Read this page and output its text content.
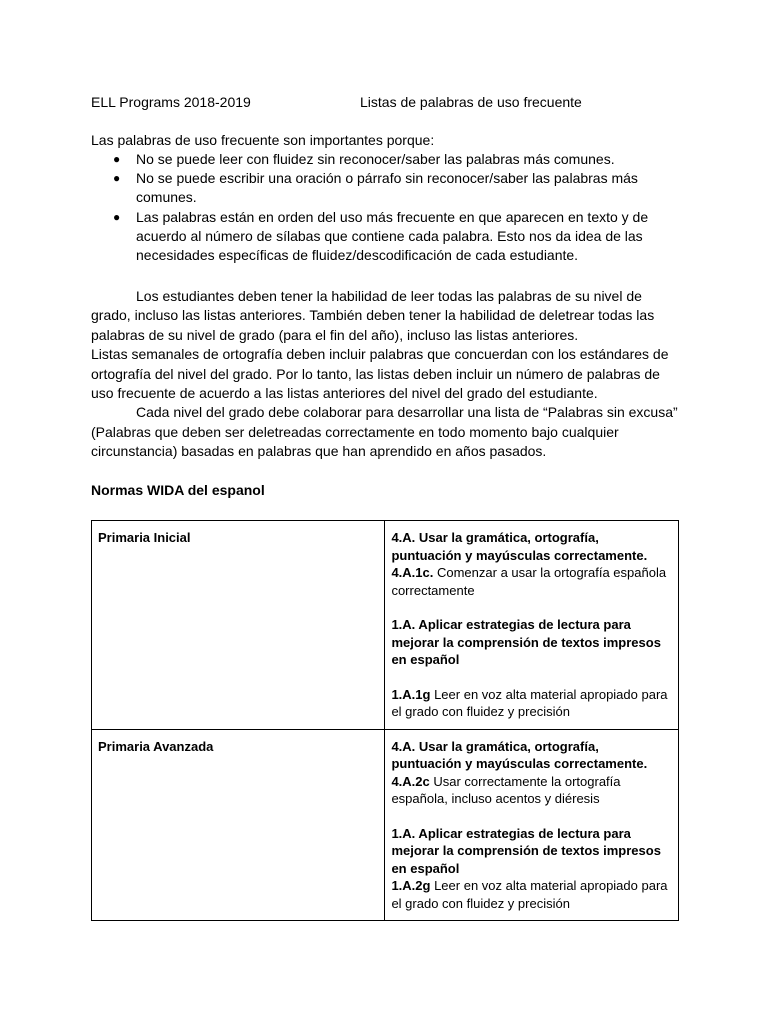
ELL Programs 2018-2019	Listas de palabras de uso frecuente
Las palabras de uso frecuente son importantes porque:
● No se puede leer con fluidez sin reconocer/saber las palabras más comunes.
● No se puede escribir una oración o párrafo sin reconocer/saber las palabras más comunes.
● Las palabras están en orden del uso más frecuente en que aparecen en texto y de acuerdo al número de sílabas que contiene cada palabra. Esto nos da idea de las necesidades específicas de fluidez/descodificación de cada estudiante.

Los estudiantes deben tener la habilidad de leer todas las palabras de su nivel de grado, incluso las listas anteriores. También deben tener la habilidad de deletrear todas las palabras de su nivel de grado (para el fin del año), incluso las listas anteriores.

Listas semanales de ortografía deben incluir palabras que concuerdan con los estándares de ortografía del nivel del grado. Por lo tanto, las listas deben incluir un número de palabras de uso frecuente de acuerdo a las listas anteriores del nivel del grado del estudiante.

Cada nivel del grado debe colaborar para desarrollar una lista de “Palabras sin excusa” (Palabras que deben ser deletreadas correctamente en todo momento bajo cualquier circunstancia) basadas en palabras que han aprendido en años pasados.

Normas WIDA del espanol
Primaria Inicial	4.A. Usar la gramática, ortografía, puntuación y mayúsculas correctamente.
4.A.1c. Comenzar a usar la ortografía española correctamente
1.A. Aplicar estrategias de lectura para mejorar la comprensión de textos impresos en español
1.A.1g Leer en voz alta material apropiado para el grado con fluidez y precisión

Primaria Avanzada	4.A. Usar la gramática, ortografía, puntuación y mayúsculas correctamente.
4.A.2c Usar correctamente la ortografía española, incluso acentos y diéresis
1.A. Aplicar estrategias de lectura para mejorar la comprensión de textos impresos en español
1.A.2g Leer en voz alta material apropiado para el grado con fluidez y precisión
